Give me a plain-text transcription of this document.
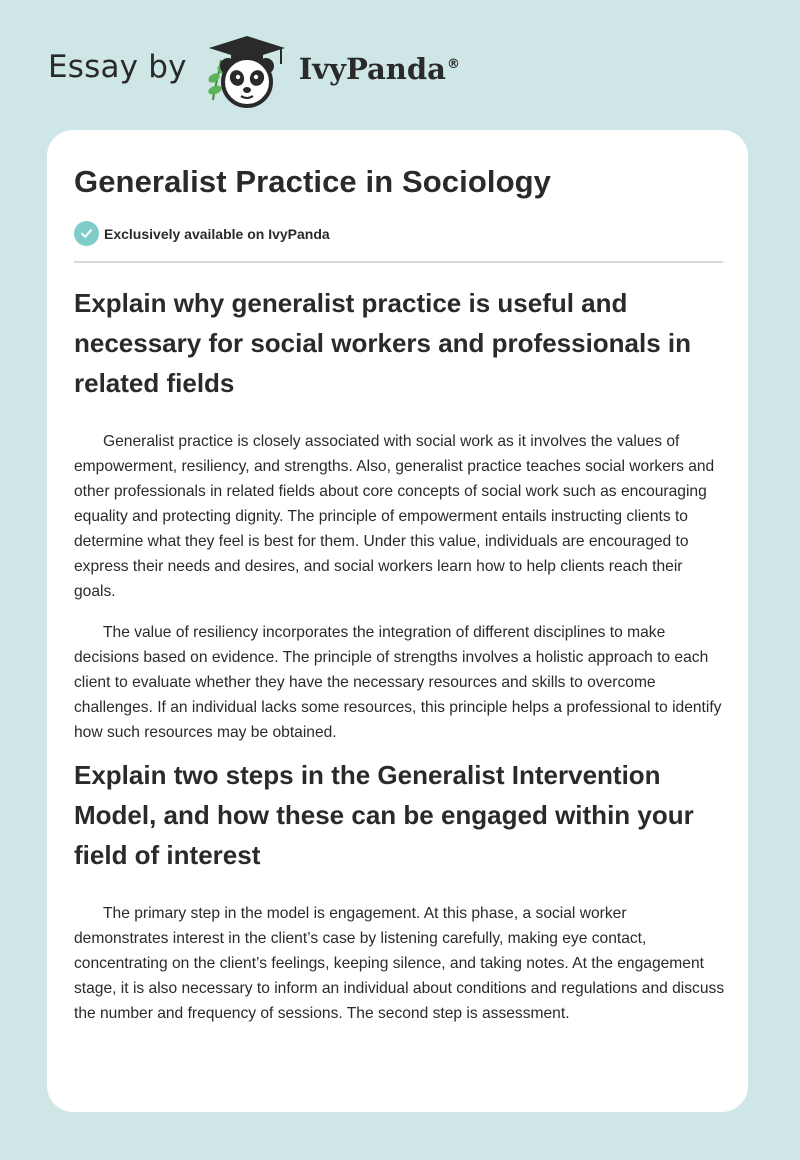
Essay by	IvyPanda®
Generalist Practice in Sociology
Exclusively available on IvyPanda
Explain why generalist practice is useful and necessary for social workers and professionals in related fields

Generalist practice is closely associated with social work as it involves the values of empowerment, resiliency, and strengths. Also, generalist practice teaches social workers and other professionals in related fields about core concepts of social work such as encouraging equality and protecting dignity. The principle of empowerment entails instructing clients to determine what they feel is best for them. Under this value, individuals are encouraged to express their needs and desires, and social workers learn how to help clients reach their goals.

The value of resiliency incorporates the integration of different disciplines to make decisions based on evidence. The principle of strengths involves a holistic approach to each client to evaluate whether they have the necessary resources and skills to overcome challenges. If an individual lacks some resources, this principle helps a professional to identify how such resources may be obtained.

Explain two steps in the Generalist Intervention Model, and how these can be engaged within your field of interest

The primary step in the model is engagement. At this phase, a social worker demonstrates interest in the client’s case by listening carefully, making eye contact, concentrating on the client’s feelings, keeping silence, and taking notes. At the engagement stage, it is also necessary to inform an individual about conditions and regulations and discuss the number and frequency of sessions. The second step is assessment.
